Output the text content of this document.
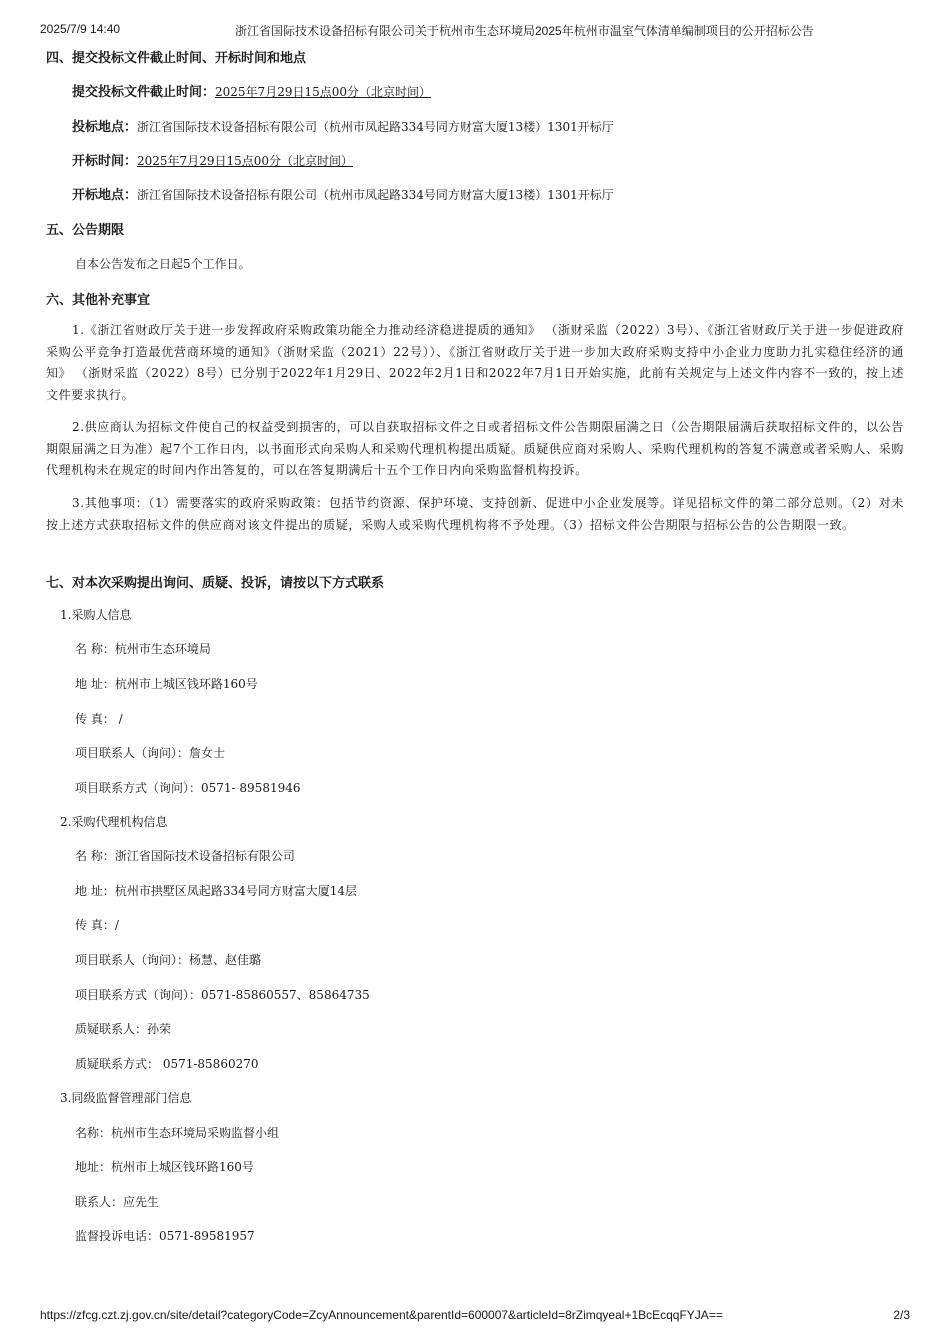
2025/7/9 14:40	浙江省国际技术设备招标有限公司关于杭州市生态环境局2025年杭州市温室气体清单编制项目的公开招标公告
四、提交投标文件截止时间、开标时间和地点
提交投标文件截止时间：2025年7月29日15点00分（北京时间）
投标地点：浙江省国际技术设备招标有限公司（杭州市凤起路334号同方财富大厦13楼）1301开标厅
开标时间：2025年7月29日15点00分（北京时间）
开标地点：浙江省国际技术设备招标有限公司（杭州市凤起路334号同方财富大厦13楼）1301开标厅
五、公告期限
自本公告发布之日起5个工作日。
六、其他补充事宜
1.《浙江省财政厅关于进一步发挥政府采购政策功能全力推动经济稳进提质的通知》 （浙财采监（2022）3号）、《浙江省财政厅关于进一步促进政府采购公平竞争打造最优营商环境的通知》（浙财采监（2021）22号））、《浙江省财政厅关于进一步加大政府采购支持中小企业力度助力扎实稳住经济的通知》 （浙财采监（2022）8号）已分别于2022年1月29日、2022年2月1日和2022年7月1日开始实施，此前有关规定与上述文件内容不一致的，按上述文件要求执行。
2.供应商认为招标文件使自己的权益受到损害的，可以自获取招标文件之日或者招标文件公告期限届满之日（公告期限届满后获取招标文件的，以公告期限届满之日为准）起7个工作日内，以书面形式向采购人和采购代理机构提出质疑。质疑供应商对采购人、采购代理机构的答复不满意或者采购人、采购代理机构未在规定的时间内作出答复的，可以在答复期满后十五个工作日内向采购监督机构投诉。
3.其他事项：（1）需要落实的政府采购政策：包括节约资源、保护环境、支持创新、促进中小企业发展等。详见招标文件的第二部分总则。（2）对未按上述方式获取招标文件的供应商对该文件提出的质疑，采购人或采购代理机构将不予处理。（3）招标文件公告期限与招标公告的公告期限一致。
七、对本次采购提出询问、质疑、投诉，请按以下方式联系
1.采购人信息
名 称：杭州市生态环境局
地 址：杭州市上城区钱环路160号
传 真： /
项目联系人（询问）：詹女士
项目联系方式（询问）：0571- 89581946
2.采购代理机构信息
名 称：浙江省国际技术设备招标有限公司
地 址：杭州市拱墅区凤起路334号同方财富大厦14层
传 真：/
项目联系人（询问）：杨慧、赵佳璐
项目联系方式（询问）：0571-85860557、85864735
质疑联系人：孙荣
质疑联系方式： 0571-85860270
3.同级监督管理部门信息
名称：杭州市生态环境局采购监督小组
地址：杭州市上城区钱环路160号
联系人：应先生
监督投诉电话：0571-89581957
https://zfcg.czt.zj.gov.cn/site/detail?categoryCode=ZcyAnnouncement&parentId=600007&articleId=8rZimqyeal+1BcEcqqFYJA==	2/3
